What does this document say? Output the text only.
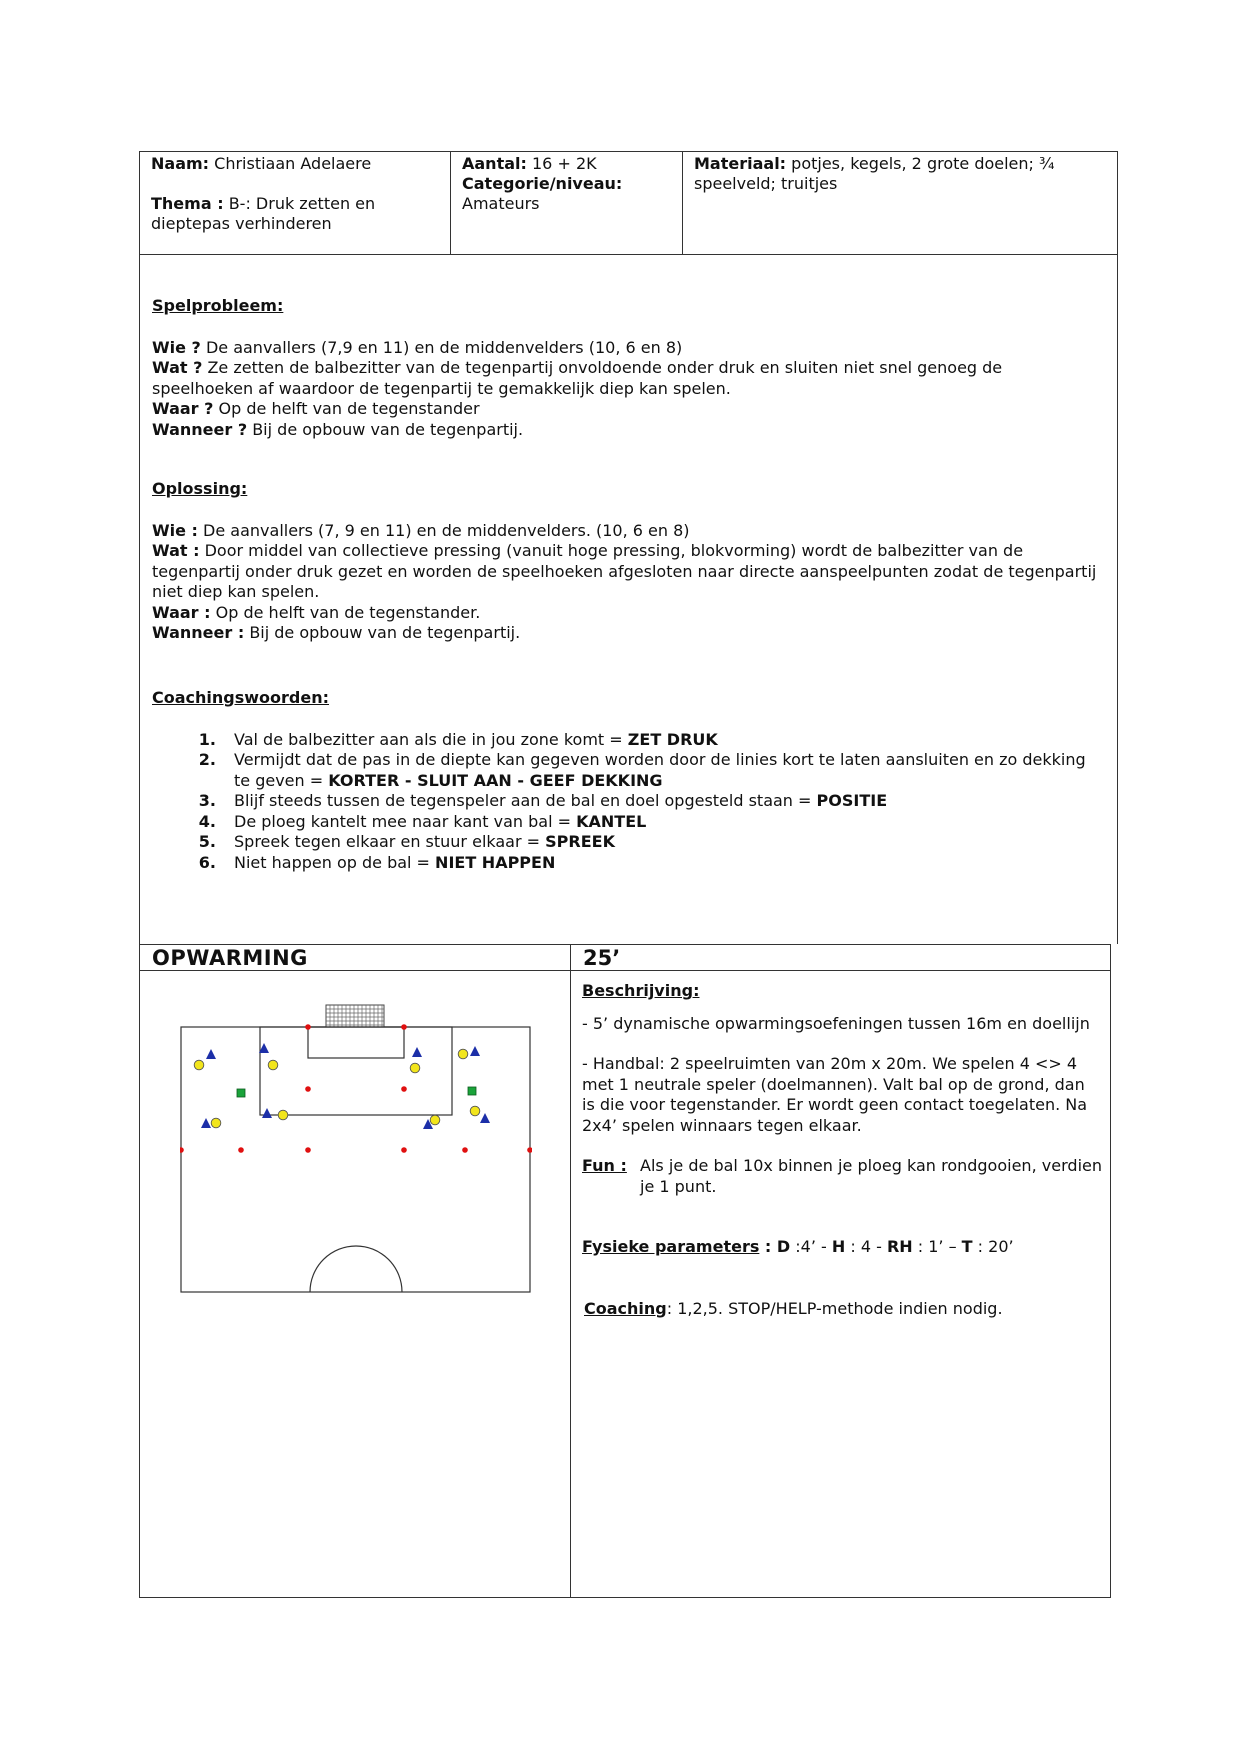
Naam: Christiaan Adelaere
Thema : B-: Druk zetten en dieptepas verhinderen
Aantal: 16 + 2K
Categorie/niveau:
Amateurs
Materiaal: potjes, kegels, 2 grote doelen; ¾ speelveld; truitjes
Spelprobleem:
Wie ? De aanvallers (7,9 en 11) en de middenvelders (10, 6 en 8)
Wat ? Ze zetten de balbezitter van de tegenpartij onvoldoende onder druk en sluiten niet snel genoeg de speelhoeken af waardoor de tegenpartij te gemakkelijk diep kan spelen.
Waar ? Op de helft van de tegenstander
Wanneer ? Bij de opbouw van de tegenpartij.
Oplossing:
Wie : De aanvallers (7, 9 en 11) en de middenvelders. (10, 6 en 8)
Wat : Door middel van collectieve pressing (vanuit hoge pressing, blokvorming) wordt de balbezitter van de tegenpartij onder druk gezet en worden de speelhoeken afgesloten naar directe aanspeelpunten zodat de tegenpartij niet diep kan spelen.
Waar : Op de helft van de tegenstander.
Wanneer : Bij de opbouw van de tegenpartij.
Coachingswoorden:
1.	Val de balbezitter aan als die in jou zone komt = ZET DRUK
2.	Vermijdt dat de pas in de diepte kan gegeven worden door de linies kort te laten aansluiten en zo dekking te geven = KORTER - SLUIT AAN - GEEF DEKKING
3.	Blijf steeds tussen de tegenspeler aan de bal en doel opgesteld staan = POSITIE
4.	De ploeg kantelt mee naar kant van bal = KANTEL
5.	Spreek tegen elkaar en stuur elkaar = SPREEK
6.	Niet happen op de bal = NIET HAPPEN
OPWARMING	25’
Beschrijving:
- 5’ dynamische opwarmingsoefeningen tussen 16m en doellijn
- Handbal: 2 speelruimten van 20m x 20m. We spelen 4 <> 4 met 1 neutrale speler (doelmannen). Valt bal op de grond, dan is die voor tegenstander. Er wordt geen contact toegelaten. Na 2x4’ spelen winnaars tegen elkaar.
Fun : Als je de bal 10x binnen je ploeg kan rondgooien, verdien je 1 punt.
Fysieke parameters : D :4’ - H : 4 - RH : 1’ – T : 20’
Coaching: 1,2,5. STOP/HELP-methode indien nodig.
